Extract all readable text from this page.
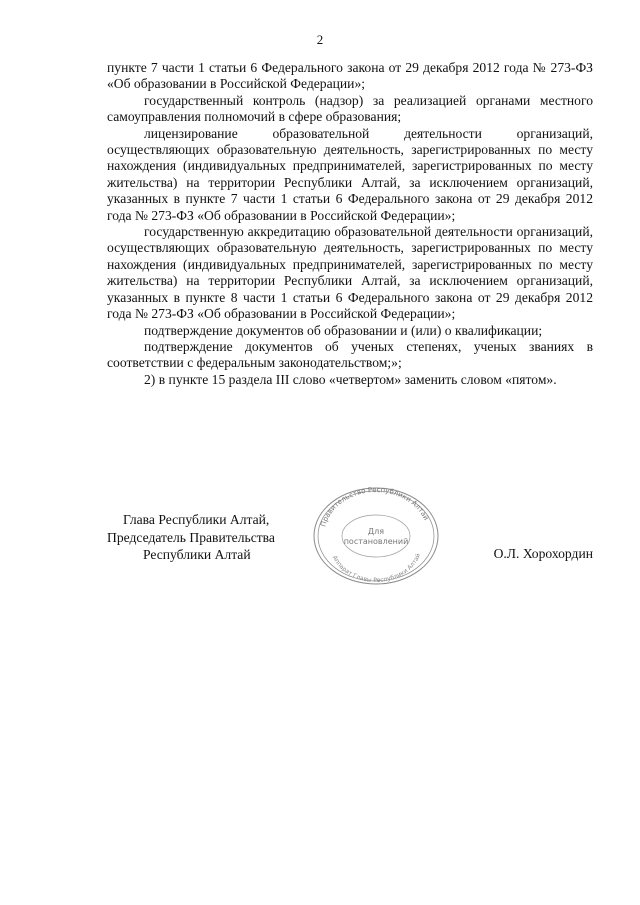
2

пункте 7 части 1 статьи 6 Федерального закона от 29 декабря 2012 года № 273-ФЗ «Об образовании в Российской Федерации»;

государственный контроль (надзор) за реализацией органами местного самоуправления полномочий в сфере образования;

лицензирование образовательной деятельности организаций, осуществляющих образовательную деятельность, зарегистрированных по месту нахождения (индивидуальных предпринимателей, зарегистрированных по месту жительства) на территории Республики Алтай, за исключением организаций, указанных в пункте 7 части 1 статьи 6 Федерального закона от 29 декабря 2012 года № 273-ФЗ «Об образовании в Российской Федерации»;

государственную аккредитацию образовательной деятельности организаций, осуществляющих образовательную деятельность, зарегистрированных по месту нахождения (индивидуальных предпринимателей, зарегистрированных по месту жительства) на территории Республики Алтай, за исключением организаций, указанных в пункте 8 части 1 статьи 6 Федерального закона от 29 декабря 2012 года № 273-ФЗ «Об образовании в Российской Федерации»;

подтверждение документов об образовании и (или) о квалификации;

подтверждение документов об ученых степенях, ученых званиях в соответствии с федеральным законодательством;»;

2) в пункте 15 раздела III слово «четвертом» заменить словом «пятом».

Глава Республики Алтай,
Председатель Правительства
Республики Алтай	О.Л. Хорохордин
Правительство Республики Алтай
Аппарат Главы Республики Алтай
Для
постановлений
